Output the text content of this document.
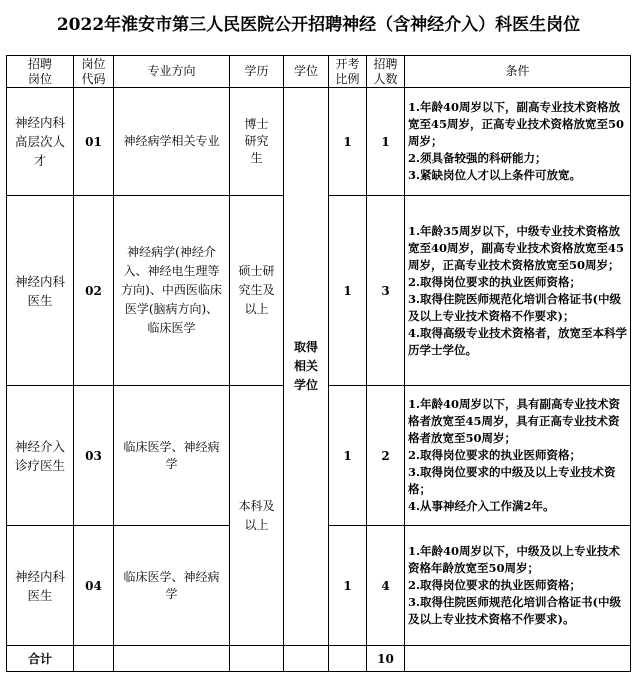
2022年淮安市第三人民医院公开招聘神经（含神经介入）科医生岗位
招聘岗位	岗位代码	专业方向	学历	学位	开考比例	招聘人数	条件
神经内科高层次人才	01	神经病学相关专业	博士研究生	取得相关学位	1	1	1.年龄40周岁以下，副高专业技术资格放宽至45周岁，正高专业技术资格放宽至50周岁；
2.须具备较强的科研能力；
3.紧缺岗位人才以上条件可放宽。

神经内科医生	02	神经病学(神经介入、神经电生理等方向)、中西医临床医学(脑病方向)、临床医学	硕士研究生及以上		1	3	1.年龄35周岁以下，中级专业技术资格放宽至40周岁，副高专业技术资格放宽至45周岁，正高专业技术资格放宽至50周岁；
2.取得岗位要求的执业医师资格；
3.取得住院医师规范化培训合格证书(中级及以上专业技术资格不作要求)；
4.取得高级专业技术资格者，放宽至本科学历学士学位。

神经介入诊疗医生	03	临床医学、神经病学	本科及以上		1	2	1.年龄40周岁以下，具有副高专业技术资格者放宽至45周岁，具有正高专业技术资格者放宽至50周岁；
2.取得岗位要求的执业医师资格；
3.取得岗位要求的中级及以上专业技术资格；
4.从事神经介入工作满2年。

神经内科医生	04	临床医学、神经病学			1	4	1.年龄40周岁以下，中级及以上专业技术资格年龄放宽至50周岁；
2.取得岗位要求的执业医师资格；
3.取得住院医师规范化培训合格证书(中级及以上专业技术资格不作要求)。

合计						10	
